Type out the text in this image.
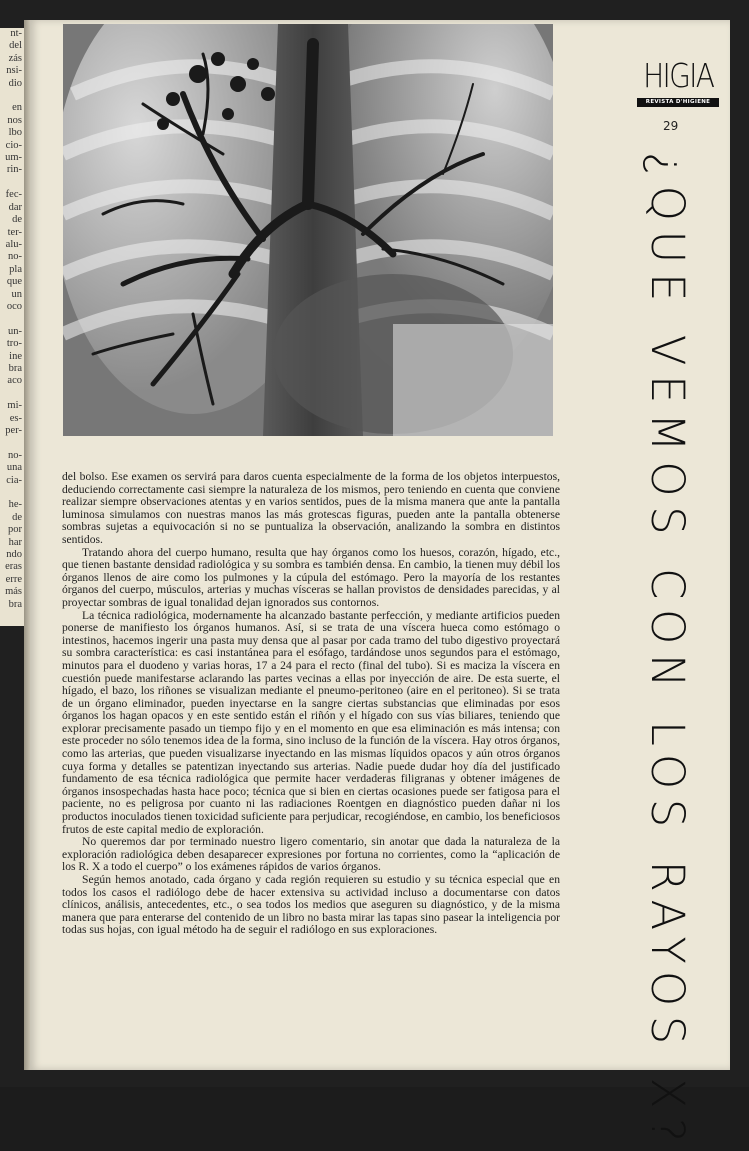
nt-
del
zás
nsi-
dio

en
nos
lbo
cio-
um-
rin-

fec-
dar
de
ter-
alu-
no-
pla
que
un
oco

un-
tro-
ine
bra
aco

mi-
es-
per-

no-
una
cia-

he-
de
por
har
ndo
eras
erre
más
bra
HIGIA
REVISTA D'HIGIENE
29
¿QUE VEMOS CON LOS RAYOS X?

del bolso. Ese examen os servirá para daros cuenta especialmente de la forma de los objetos interpuestos, deduciendo correctamente casi siempre la naturaleza de los mismos, pero teniendo en cuenta que conviene realizar siempre observaciones atentas y en varios sentidos, pues de la misma manera que ante la pantalla luminosa simulamos con nuestras manos las más grotescas figuras, pueden ante la pantalla obtenerse sombras sujetas a equivocación si no se puntualiza la observación, analizando la sombra en distintos sentidos.

Tratando ahora del cuerpo humano, resulta que hay órganos como los huesos, corazón, hígado, etc., que tienen bastante densidad radiológica y su sombra es también densa. En cambio, la tienen muy débil los órganos llenos de aire como los pulmones y la cúpula del estómago. Pero la mayoría de los restantes órganos del cuerpo, músculos, arterias y muchas vísceras se hallan provistos de densidades parecidas, y al proyectar sombras de igual tonalidad dejan ignorados sus contornos.

La técnica radiológica, modernamente ha alcanzado bastante perfección, y mediante artificios pueden ponerse de manifiesto los órganos humanos. Así, si se trata de una víscera hueca como estómago o intestinos, hacemos ingerir una pasta muy densa que al pasar por cada tramo del tubo digestivo proyectará su sombra característica: es casi instantánea para el esófago, tardándose unos segundos para el estómago, minutos para el duodeno y varias horas, 17 a 24 para el recto (final del tubo). Si es maciza la víscera en cuestión puede manifestarse aclarando las partes vecinas a ellas por inyección de aire. De esta suerte, el hígado, el bazo, los riñones se visualizan mediante el pneumo-peritoneo (aire en el peritoneo). Si se trata de un órgano eliminador, pueden inyectarse en la sangre ciertas substancias que eliminadas por esos órganos los hagan opacos y en este sentido están el riñón y el hígado con sus vías biliares, teniendo que explorar precisamente pasado un tiempo fijo y en el momento en que esa eliminación es más intensa; con este proceder no sólo tenemos idea de la forma, sino incluso de la función de la víscera. Hay otros órganos, como las arterias, que pueden visualizarse inyectando en las mismas líquidos opacos y aún otros órganos cuya forma y detalles se patentizan inyectando sus arterias. Nadie puede dudar hoy día del justificado fundamento de esa técnica radiológica que permite hacer verdaderas filigranas y obtener imágenes de órganos insospechadas hasta hace poco; técnica que si bien en ciertas ocasiones puede ser fatigosa para el paciente, no es peligrosa por cuanto ni las radiaciones Roentgen en diagnóstico pueden dañar ni los productos inoculados tienen toxicidad suficiente para perjudicar, recogiéndose, en cambio, los beneficiosos frutos de este capital medio de exploración.

No queremos dar por terminado nuestro ligero comentario, sin anotar que dada la naturaleza de la exploración radiológica deben desaparecer expresiones por fortuna no corrientes, como la “aplicación de los R. X a todo el cuerpo” o los exámenes rápidos de varios órganos.

Según hemos anotado, cada órgano y cada región requieren su estudio y su técnica especial que en todos los casos el radiólogo debe de hacer extensiva su actividad incluso a documentarse con datos clínicos, análisis, antecedentes, etc., o sea todos los medios que aseguren su diagnóstico, y de la misma manera que para enterarse del contenido de un libro no basta mirar las tapas sino pasear la inteligencia por todas sus hojas, con igual método ha de seguir el radiólogo en sus exploraciones.
